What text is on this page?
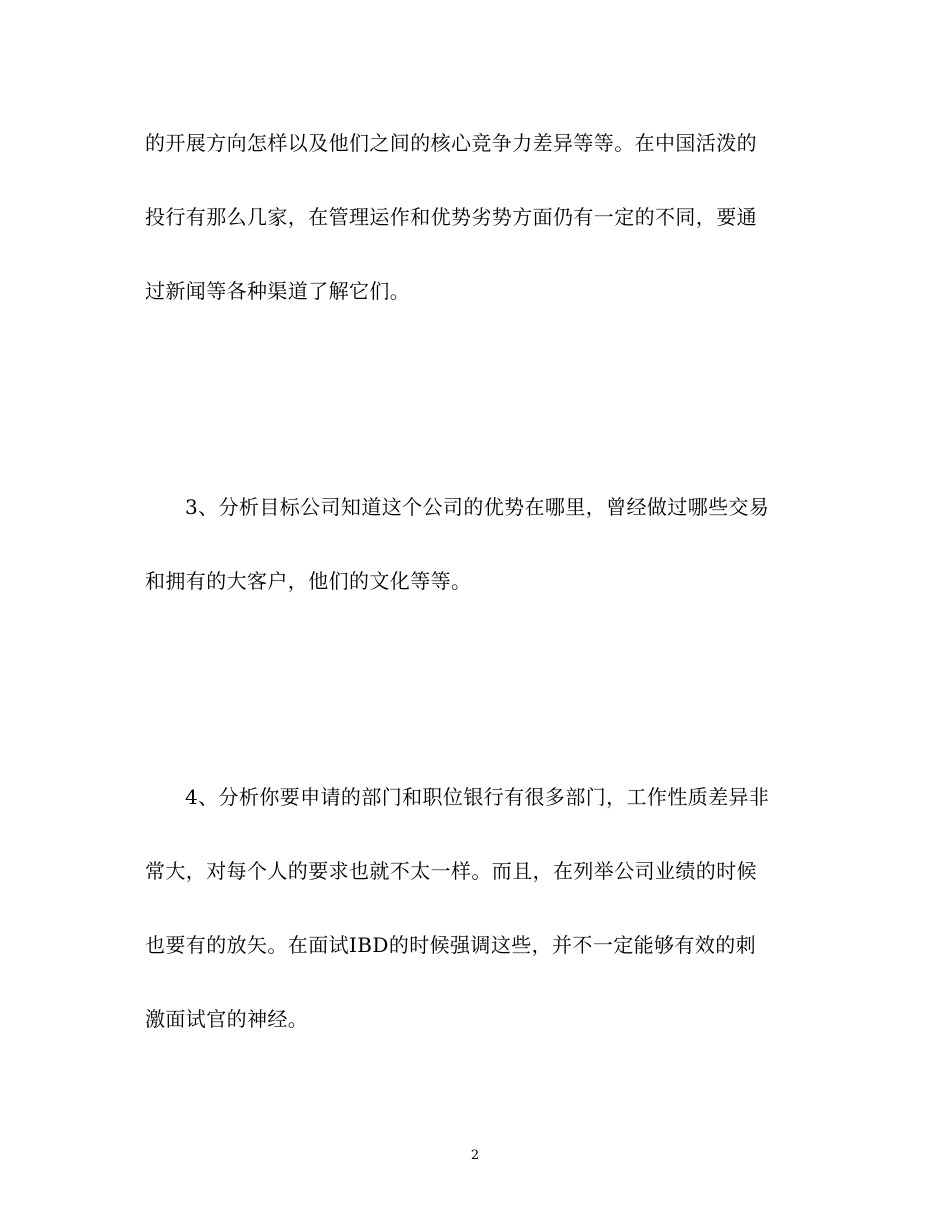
的开展方向怎样以及他们之间的核心竞争力差异等等。在中国活泼的
投行有那么几家，在管理运作和优势劣势方面仍有一定的不同，要通
过新闻等各种渠道了解它们。
3、分析目标公司知道这个公司的优势在哪里，曾经做过哪些交易
和拥有的大客户，他们的文化等等。
4、分析你要申请的部门和职位银行有很多部门，工作性质差异非
常大，对每个人的要求也就不太一样。而且，在列举公司业绩的时候
也要有的放矢。在面试IBD的时候强调这些，并不一定能够有效的刺
激面试官的神经。
2
